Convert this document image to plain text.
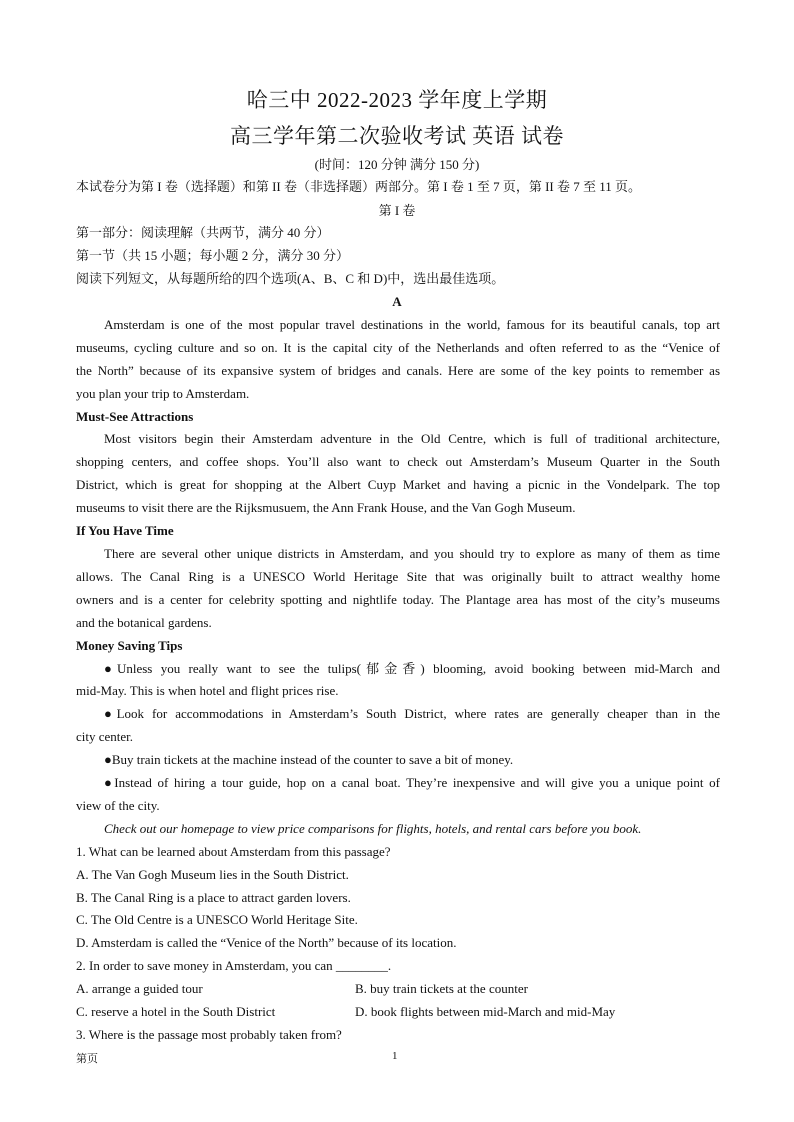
哈三中 2022-2023 学年度上学期
高三学年第二次验收考试 英语 试卷
(时间：120 分钟 满分 150 分)
本试卷分为第 I 卷（选择题）和第 II 卷（非选择题）两部分。第 I 卷 1 至 7 页，第 II 卷 7 至 11 页。
第 I 卷
第一部分：阅读理解（共两节，满分 40 分）
第一节（共 15 小题；每小题 2 分，满分 30 分）
阅读下列短文，从每题所给的四个选项(A、B、C 和 D)中，选出最佳选项。
A
Amsterdam is one of the most popular travel destinations in the world, famous for its beautiful canals, top art
museums, cycling culture and so on. It is the capital city of the Netherlands and often referred to as the “Venice of
the North” because of its expansive system of bridges and canals. Here are some of the key points to remember as
you plan your trip to Amsterdam.
Must-See Attractions
Most visitors begin their Amsterdam adventure in the Old Centre, which is full of traditional architecture,
shopping centers, and coffee shops. You’ll also want to check out Amsterdam’s Museum Quarter in the South
District, which is great for shopping at the Albert Cuyp Market and having a picnic in the Vondelpark. The top
museums to visit there are the Rijksmusuem, the Ann Frank House, and the Van Gogh Museum.
If You Have Time
There are several other unique districts in Amsterdam, and you should try to explore as many of them as time
allows. The Canal Ring is a UNESCO World Heritage Site that was originally built to attract wealthy home
owners and is a center for celebrity spotting and nightlife today. The Plantage area has most of the city’s museums
and the botanical gardens.
Money Saving Tips
●Unless you really want to see the tulips(郁金香) blooming, avoid booking between mid-March and
mid-May. This is when hotel and flight prices rise.
●Look for accommodations in Amsterdam’s South District, where rates are generally cheaper than in the
city center.
●Buy train tickets at the machine instead of the counter to save a bit of money.
●Instead of hiring a tour guide, hop on a canal boat. They’re inexpensive and will give you a unique point of
view of the city.
Check out our homepage to view price comparisons for flights, hotels, and rental cars before you book.
1. What can be learned about Amsterdam from this passage?
A. The Van Gogh Museum lies in the South District.
B. The Canal Ring is a place to attract garden lovers.
C. The Old Centre is a UNESCO World Heritage Site.
D. Amsterdam is called the “Venice of the North” because of its location.
2. In order to save money in Amsterdam, you can ________.
A. arrange a guided tour	B. buy train tickets at the counter
C. reserve a hotel in the South District	D. book flights between mid-March and mid-May
3. Where is the passage most probably taken from?
第页	1
